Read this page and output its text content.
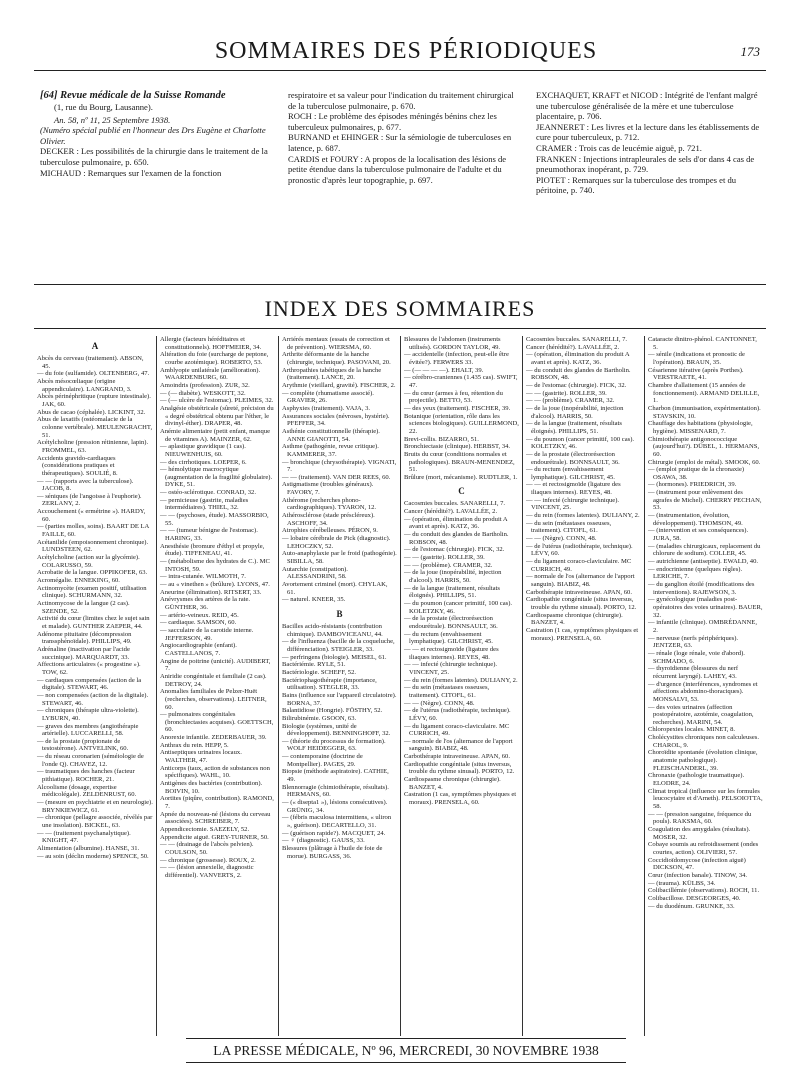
SOMMAIRES DES PÉRIODIQUES	173

[64] Revue médicale de la Suisse Romande

(1, rue du Bourg, Lausanne).

An. 58, nº 11, 25 Septembre 1938.

(Numéro spécial publié en l'honneur des Drs Eugène et Charlotte Olivier.

DECKER : Les possibilités de la chirurgie dans le traitement de la tuberculose pulmonaire, p. 650.

MICHAUD : Remarques sur l'examen de la fonction

respiratoire et sa valeur pour l'indication du traitement chirurgical de la tuberculose pulmonaire, p. 670.

ROCH : Le problème des épisodes méningés bénins chez les tuberculeux pulmonaires, p. 677.

BURNAND et EHINGER : Sur la sémiologie de tuberculoses en latence, p. 687.

CARDIS et FOURY : A propos de la localisation des lésions de petite étendue dans la tuberculose pulmonaire de l'adulte et du pronostic d'après leur topographie, p. 697.

EXCHAQUET, KRAFT et NICOD : Intégrité de l'enfant malgré une tuberculose généralisée de la mère et une tuberculose placentaire, p. 706.

JEANNERET : Les livres et la lecture dans les établissements de cure pour tuberculeux, p. 712.

CRAMER : Trois cas de leucémie aiguë, p. 721.

FRANKEN : Injections intrapleurales de sels d'or dans 4 cas de pneumothorax inopérant, p. 729.

PIOTET : Remarques sur la tuberculose des trompes et du péritoine, p. 740.

INDEX DES SOMMAIRES
A

Abcès du cerveau (traitement). ABSON, 45.

— du foie (sulfamide). OLTENBERG, 47.

Abcès mésocœliaque (origine appendiculaire). LANGRAND, 3.

Abcès périnéphritique (rupture intestinale). JAK, 60.

Abus de cacao (céphalée). LICKINT, 32.

Abus de laxatifs (ostéomalacie de la colonne vertébrale). MEULENGRACHT, 51.

Acétylcholine (pression rétinienne, lapin). FROMMEL, 63.

Accidents gravido-cardiaques (considérations pratiques et thérapeutiques). SOULIÉ, 8.

— — (rapports avec la tuberculose). JACOB, 8.

— séniques (de l'angoisse à l'euphorie). ZERLANY, 2.

Accouchement (« ermétrine »). HARDY, 60.

— (parties molles, soins). BAART DE LA FAILLE, 60.

Acétanilide (empoisonnement chronique). LUNDSTEEN, 62.

Acétylcholine (action sur la glycémie). COLARUSSO, 59.

Acrobatie de la langue. OPPIKOFER, 63.

Acromégalie. ENNEKING, 60.

Actinomycète (examen positif, utilisation clinique). SCHURMANN, 32.

Actinomycose de la langue (2 cas). SZENDE, 52.

Activité du cœur (limites chez le sujet sain et malade). GUNTHER ZAEPER, 44.

Adénome pituitaire (décompression transsphénoïdale). PHILLIPS, 49.

Adrénaline (inactivation par l'acide succinique). MARQUARDT, 33.

Affections articulaires (« progestine »). TOW, 62.

— cardiaques compensées (action de la digitale). STEWART, 46.

— non compensées (action de la digitale). STEWART, 46.

— chroniques (thérapie ultra-violette). LYBURN, 40.

— graves des membres (angiothérapie artérielle). LUCCARELLI, 58.

— de la prostate (propionate de testostérone). ANTVELINK, 60.

— du réseau coronarien (séméiologie de l'onde Q). CHAVEZ, 12.

— traumatiques des hanches (facteur pithiatique). ROCHER, 21.

Alcoolisme (dosage, expertise médicolégale). ZELDENRUST, 60.

— (mesure en psychiatrie et en neurologie). BRYNKIEWICZ, 61.

— chronique (pellagre associée, révélés par une insolation). BICKEL, 63.

— — (traitement psychanalytique). KNIGHT, 47.

Alimentation (albumine). HANSE, 31.

— au soin (déclin moderne) SPENCE, 50.

Allergie (facteurs héréditaires et constitutionnels). HOFFMEIER, 34.

Altération du foie (surcharge de peptone, courbe azotémique). ROBERTO, 53.

Amblyopie unilatérale (amélioration). WAARDENBURG, 60.

Amoindris (profession). ZUR, 32.

— (— diabète). WESKOTT, 32.

— (— ulcère de l'estomac). PLEIMES, 32.

Analgésie obstétricale (sûreté, précision du « degré obstétrical obtenu par l'éther, le divinyl-éther). DRAPER, 48.

Anémie alimentaire (petit enfant, manque de vitamines A). MAINZER, 62.

— aplastique gravidique (1 cas). NIEUWENHUIS, 60.

— des cirrhotiques. LOEPER, 6.

— hémolytique macrocytique (augmentation de la fragilité globulaire). DYKE, 51.

— ostéo-sclérotique. CONRAD, 32.

— pernicieuse (gastrite, maladies intermédiaires). THIEL, 32.

— — (psychoses, étude). MASSORBIO, 55.

— — (tumeur bénigne de l'estomac). HARING, 33.

Anesthésie (bromure d'éthyl et propyle, étude). TIFFENEAU, 41.

— (métabolisme des hydrates de C.). MC INTOSH, 59.

— intra-cutanée. WILMOTH, 7.

— au « vinethen » (brûlure). LYONS, 47.

Aneurine (élimination). RITSERT, 33.

Anévrysmes des artères de la rate. GÜNTHER, 36.

— artério-veineux. REID, 45.

— cardiaque. SAMSON, 60.

— sacculaire de la carotide interne. JEFFERSON, 49.

Angiocardiographie (enfant). CASTELLANOS, 7.

Angine de poitrine (unicité). AUDIBERT, 7.

Aniridie congénitale et familiale (2 cas). DETROY, 24.

Anomalies familiales de Pelzer-Huët (recherches, observations). LEITNER, 60.

— pulmonaires congénitales (bronchiectasies acquises). GOETTSCH, 60.

Anorexie infantile. ZEDERBAUER, 39.

Anthrax du rein. HEPP, 5.

Antiseptiques urinaires locaux. WALTHER, 47.

Anticorps (taux, action de substances non spécifiques). WAHL, 10.

Antigènes des bactéries (contribution). BOIVIN, 10.

Aortites (piqûre, contribution). RAMOND, 7.

Apnée du nouveau-né (lésions du cerveau associées). SCHREIBER, 7.

Appendicectomie. SAEZELY, 52.

Appendicite aiguë. GREY-TURNER, 50.

— — (drainage de l'abcès pelvien). COULSON, 50.

— chronique (grossesse). ROUX, 2.

— — (lésion annexielle, diagnostic différentiel). VANVERTS, 2.

Arriérés mentaux (essais de correction et de prévention). WIERSMA, 60.

Arthrite déformante de la hanche (chirurgie, technique). PASOVANI, 20.

Arthropathies tabétiques de la hanche (traitement). LANCE, 20.

Arythmie (vieillard, gravité). FISCHER, 2.

— complète (rhumatisme associé). GRAVIER, 26.

Asphyxies (traitement). VAJA, 3.

Assurances sociales (névroses, hystérie). PFEFFER, 34.

Asthénie constitutionnelle (thérapie). ANNE GIANOTTI, 54.

Asthme (pathogénie, revue critique). KAMMERER, 37.

— bronchique (chrysothérapie). VIGNATI, 7.

— — (traitement). VAN DER REES, 60.

Astigmatisme (troubles généraux). FAVORY, 7.

Athérome (recherches phono-cardiographiques). TYARON, 12.

Athérosclérose (stade préscléreux). ASCHOFF, 34.

Atrophies cérébelleuses. PÉRON, 9.

— lobaire cérébrale de Pick (diagnostic). LEHOCZKY, 52.

Auto-anaphylaxie par le froid (pathogénie). SIBILLA, 58.

Autarchie (constipation). ALESSANDRINI, 58.

Avortement criminel (mort). CHYLAK, 61.

— naturel. KNEER, 35.

B

Bacilles acido-résistants (contribution chimique). DAMBOVICEANU, 44.

— de l'influenza (bacille de la coqueluche, différenciation). STEIGLER, 33.

— perfringens (biologie). MEISEL, 61.

Bactériémie. RYLE, 51.

Bactériologie. SCHEFF, 52.

Bactériophagothérapie (importance, utilisation). STEGLER, 33.

Bains (influence sur l'appareil circulatoire). BORNA, 37.

Balantidiose (Hongrie). FÖSTHY, 52.

Bilirubinémie. GSOON, 63.

Biologie (systèmes, unité de développement). BENNINGHOFF, 32.

— (théorie du processus de formation). WOLF HEIDEGGER, 63.

— contemporaine (doctrine de Montpellier). PAGES, 29.

Biopsie (méthode aspiratoire). CATHIE, 49.

Blennorragie (chimiothérapie, résultats). HERMANS, 60.

— (« disepta1 »), lésions consécutives). GRÜNIG, 34.

— (fébris maculosa intermittens, « uliron », guérison). DECARTELLO, 31.

— (guérison rapide?). MACQUET, 24.

— ♀ (diagnostic). GAUSS, 33.

Blessures (plâtrage à l'huile de foie de morue). BURGASS, 36.

Blessures de l'abdomen (instruments utilisés). GORDON TAYLOR, 49.

— accidentelle (infection, peut-elle être évitée?). FERWERS 33.

— (— — — —). EHALT, 39.

— cérébro-craniennes (1.435 cas). SWIFT, 47.

— du cœur (armes à feu, rétention du projectile). BETTO, 53.

— des yeux (traitement). FISCHER, 39.

Botanique (orientation, rôle dans les sciences biologiques). GUILLERMOND, 22.

Brevi-collis. BIZARRO, 51.

Bronchiectasie (clinique). HERBST, 34.

Bruits du cœur (conditions normales et pathologiques). BRAUN-MENENDEZ, 51.

Brûlure (mort, mécanisme). RUDTLER, 1.

C

Cacosmies buccales. SANARELLI, 7.

Cancer (hérédité?). LAVALLÉE, 2.

— (opération, élimination du produit A avant et après). KATZ, 36.

— du conduit des glandes de Bartholin. ROBSON, 48.

— de l'estomac (chirurgie). FICK, 32.

— — (gastrite). ROLLER, 39.

— — (problème). CRAMER, 32.

— de la joue (inopérabilité, injection d'alcool). HARRIS, 50.

— de la langue (traitement, résultats éloignés). PHILLIPS, 51.

— du poumon (cancer primitif, 100 cas). KOLETZKY, 46.

— de la prostate (électrorésection endourétrale). BONNSAULT, 36.

— du rectum (envahissement lymphatique). GILCHRIST, 45.

— — et rectosigmoïde (ligature des iliaques internes). REYES, 48.

— — infecté (chirurgie technique). VINCENT, 25.

— du rein (formes latentes). DULIANY, 2.

— du sein (métastases osseuses, traitement). CITOFL, 61.

— — (Nègre). CONN, 48.

— de l'utérus (radiothérapie, technique). LÉVY, 60.

— du ligament coraco-claviculaire. MC CURRICH, 49.

— normale de l'os (alternance de l'apport sanguin). BIABIZ, 48.

Carbothérapie intraveineuse. APAN, 60.

Cardiopathie congénitale (situs inversus, trouble du rythme sinusal). PORTO, 12.

Cardiospasme chronique (chirurgie). BANZET, 4.

Castration (1 cas, symptômes physiques et moraux). PRENSELA, 60.

Cacosmies buccales. SANARELLI, 7.

Cancer (hérédité?). LAVALLÉE, 2.

— (opération, élimination du produit A avant et après). KATZ, 36.

— du conduit des glandes de Bartholin. ROBSON, 48.

— de l'estomac (chirurgie). FICK, 32.

— — (gastrite). ROLLER, 39.

— — (problème). CRAMER, 32.

— de la joue (inopérabilité, injection d'alcool). HARRIS, 50.

— de la langue (traitement, résultats éloignés). PHILLIPS, 51.

— du poumon (cancer primitif, 100 cas). KOLETZKY, 46.

— de la prostate (électrorésection endourétrale). BONNSAULT, 36.

— du rectum (envahissement lymphatique). GILCHRIST, 45.

— — et rectosigmoïde (ligature des iliaques internes). REYES, 48.

— — infecté (chirurgie technique). VINCENT, 25.

— du rein (formes latentes). DULIANY, 2.

— du sein (métastases osseuses, traitement). CITOFL, 61.

— — (Nègre). CONN, 48.

— de l'utérus (radiothérapie, technique). LÉVY, 60.

— du ligament coraco-claviculaire. MC CURRICH, 49.

— normale de l'os (alternance de l'apport sanguin). BIABIZ, 48.

Carbothérapie intraveineuse. APAN, 60.

Cardiopathie congénitale (situs inversus, trouble du rythme sinusal). PORTO, 12.

Cardiospasme chronique (chirurgie). BANZET, 4.

Castration (1 cas, symptômes physiques et moraux). PRENSELA, 60.

Cataracte dinitro-phénol. CANTONNET, 5.

— sénile (indications et pronostic de l'opération). BRAUN, 35.

Césarienne itérative (après Porthes). VERSTRAETE, 41.

Chambre d'allaitement (15 années de fonctionnement). ARMAND DELILLE, 1.

Charbon (immunisation, expérimentation). STAVSKIN, 10.

Chauffage des habitations (physiologie, hygiène). MISSENARD, 7.

Chimiothérapie antigonococcique (aujourd'hui?). DÜBEL, 1. HERMANS, 60.

Chirurgie (emploi de métal). SMOOK, 60.

— (emploi pratique de la chronaxie) OSAWA, 38.

— (hormones). FRIEDRICH, 39.

— (instrument pour enlèvement des agrafes de Michel). CHERRY PECHAN, 53.

— (instrumentation, évolution, développement). THOMSON, 49.

— (intervention et ses conséquences). JURA, 58.

— (maladies chirurgicaux, replacement du chlorure de sodium). COLLER, 45.

— autrichienne (antiseptie). EWALD, 40.

— endocrinienne (quelques règles). LERICHE, 7.

— du ganglion étoilé (modifications des interventions). RAJEWSON, 3.

— gynécologique (maladies post-opératoires des voies urinaires). BAUER, 32.

— infantile (clinique). OMBRÉDANNE, 2.

— nerveuse (nerfs périphériques). JENTZER, 63.

— rénale (loge rénale, voie d'abord). SCHMADO, 6.

— thyroïdienne (blessures du nerf récurrent laryngé). LAHEY, 43.

— d'urgence (interférences, syndromes et affections abdomino-thoraciques). MONSALVI, 53.

— des voies urinaires (affection postopératoire, azotémie, coagulation, recherches). MARINI, 54.

Chloropexies locales. MINET, 8.

Cholécystites chroniques non calculeuses. CHAROL, 9.

Choroïdite spontanée (évolution clinique, anatomie pathologique). FLEISCHANDERL, 39.

Chronaxie (pathologie traumatique). ELODRE, 24.

Climat tropical (influence sur les formules leucocytaire et d'Arneth). PELSOIOTTA, 58.

— — (pression sanguine, fréquence du pouls). RAKSMA, 60.

Coagulation des amygdales (résultats). MOSER, 32.

Cobaye soumis au refroidissement (ondes courtes, action). OLIVIERI, 57.

Coccidioïdomycose (infection aiguë) DICKSON, 47.

Cœur (infection banale). TINOW, 34.

— (trauma). KÜLBS, 34.

Colibacillémie (observations). ROCH, 11.

Colibacillose. DESGEORGES, 40.

— du duodénum. GRUNKE, 33.

LA PRESSE MÉDICALE, Nº 96, MERCREDI, 30 NOVEMBRE 1938
